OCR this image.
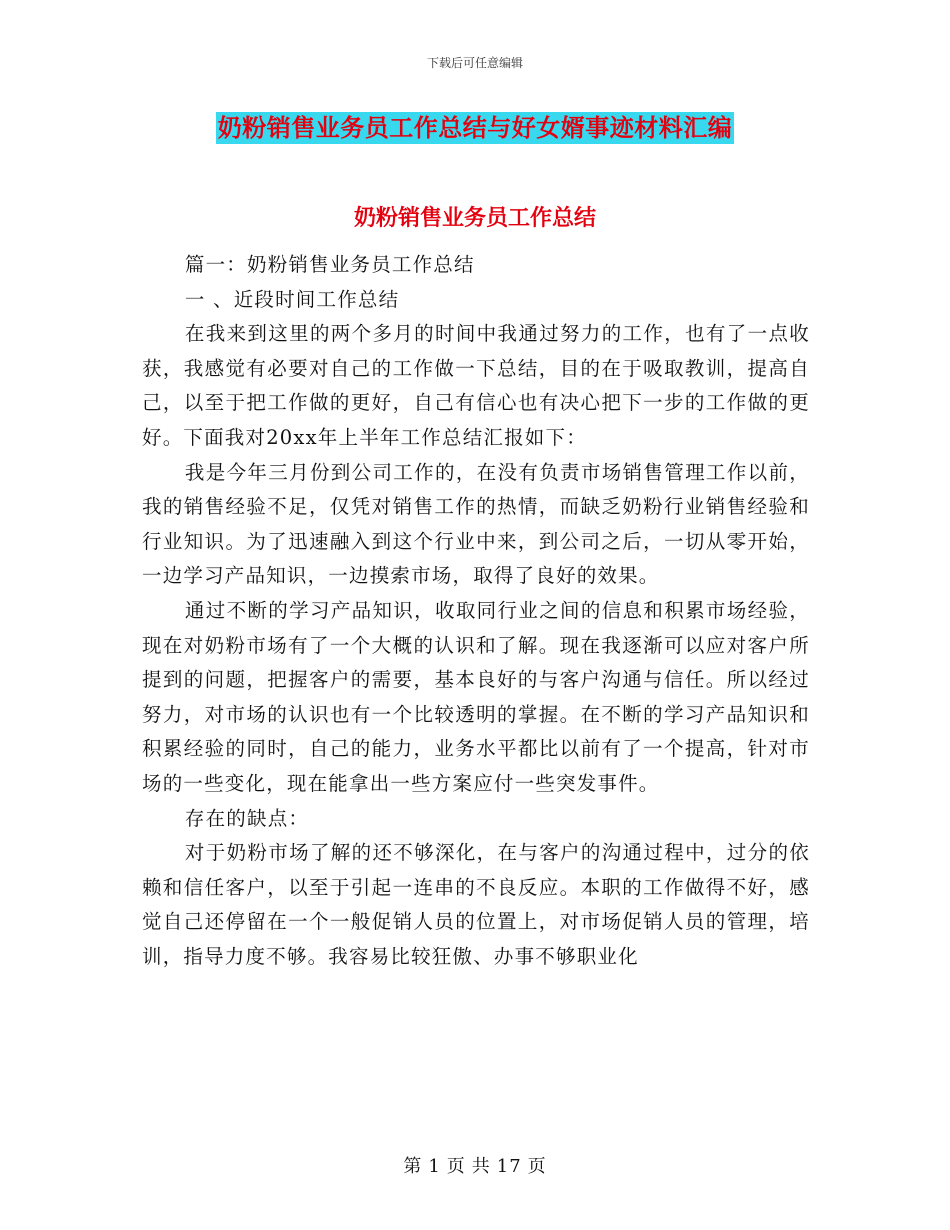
下载后可任意编辑
奶粉销售业务员工作总结与好女婿事迹材料汇编
奶粉销售业务员工作总结

篇一：奶粉销售业务员工作总结

一 、近段时间工作总结

在我来到这里的两个多月的时间中我通过努力的工作，也有了一点收获，我感觉有必要对自己的工作做一下总结，目的在于吸取教训，提高自己，以至于把工作做的更好，自己有信心也有决心把下一步的工作做的更好。下面我对20xx年上半年工作总结汇报如下：

我是今年三月份到公司工作的，在没有负责市场销售管理工作以前，我的销售经验不足，仅凭对销售工作的热情，而缺乏奶粉行业销售经验和行业知识。为了迅速融入到这个行业中来，到公司之后，一切从零开始，一边学习产品知识，一边摸索市场，取得了良好的效果。

通过不断的学习产品知识，收取同行业之间的信息和积累市场经验，现在对奶粉市场有了一个大概的认识和了解。现在我逐渐可以应对客户所提到的问题，把握客户的需要，基本良好的与客户沟通与信任。所以经过努力，对市场的认识也有一个比较透明的掌握。在不断的学习产品知识和积累经验的同时，自己的能力，业务水平都比以前有了一个提高，针对市场的一些变化，现在能拿出一些方案应付一些突发事件。

存在的缺点：

对于奶粉市场了解的还不够深化，在与客户的沟通过程中，过分的依赖和信任客户，以至于引起一连串的不良反应。本职的工作做得不好，感觉自己还停留在一个一般促销人员的位置上，对市场促销人员的管理，培训，指导力度不够。我容易比较狂傲、办事不够职业化

第 1 页 共 17 页
